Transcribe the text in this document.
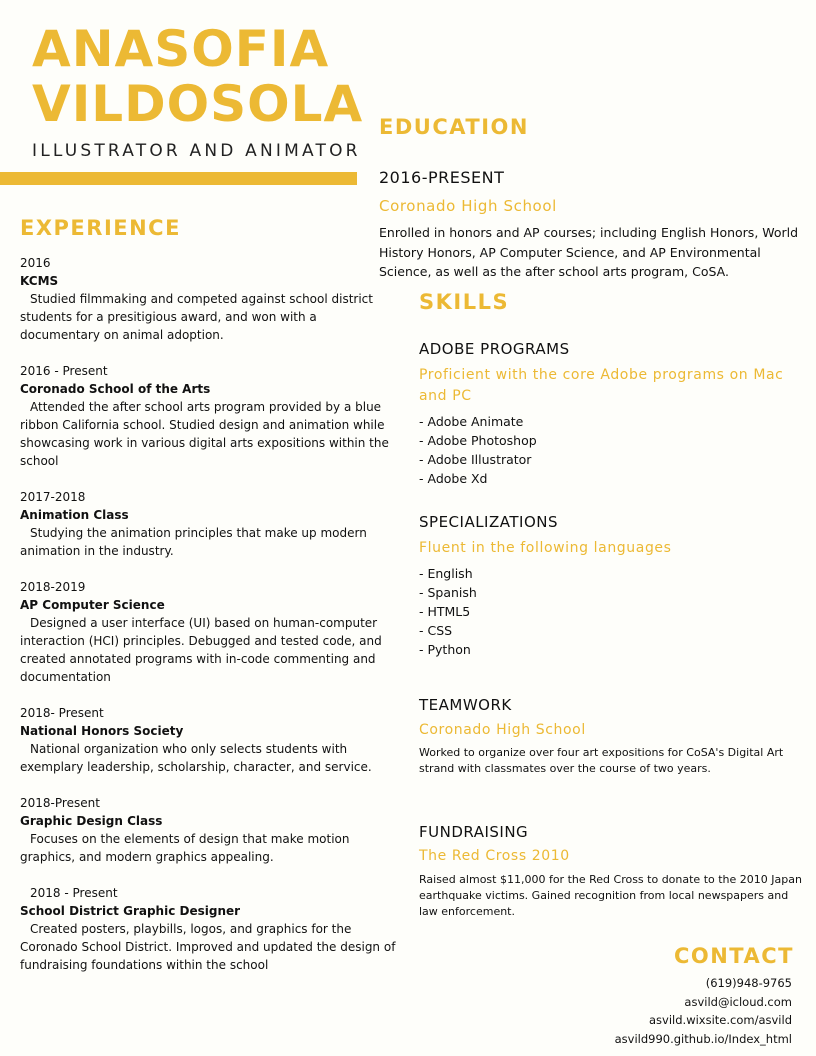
ANASOFIA
VILDOSOLA
ILLUSTRATOR AND ANIMATOR
EXPERIENCE
2016
KCMS
Studied filmmaking and competed against school district students for a presitigious award, and won with a documentary on animal adoption.
2016 - Present
Coronado School of the Arts
Attended the after school arts program provided by a blue ribbon California school. Studied design and animation while showcasing work in various digital arts expositions within the school
2017-2018
Animation Class
Studying the animation principles that make up modern animation in the industry.
2018-2019
AP Computer Science
Designed a user interface (UI) based on human-computer interaction (HCI) principles. Debugged and tested code, and created annotated programs with in-code commenting and documentation
2018- Present
National Honors Society
National organization who only selects students with exemplary leadership, scholarship, character, and service.
2018-Present
Graphic Design Class
Focuses on the elements of design that make motion graphics, and modern graphics appealing.
2018 - Present
School District Graphic Designer
Created posters, playbills, logos, and graphics for the Coronado School District. Improved and updated the design of fundraising foundations within the school
EDUCATION
2016-PRESENT
Coronado High School
Enrolled in honors and AP courses; including English Honors, World History Honors, AP Computer Science, and AP Environmental Science, as well as the after school arts program, CoSA.
SKILLS
ADOBE PROGRAMS
Proficient with the core Adobe programs on Mac and PC
- Adobe Animate
- Adobe Photoshop
- Adobe Illustrator
- Adobe Xd
SPECIALIZATIONS
Fluent in the following languages
- English
- Spanish
- HTML5
- CSS
- Python
TEAMWORK
Coronado High School
Worked to organize over four art expositions for CoSA's Digital Art strand with classmates over the course of two years.
FUNDRAISING
The Red Cross 2010
Raised almost $11,000 for the Red Cross to donate to the 2010 Japan earthquake victims. Gained recognition from local newspapers and law enforcement.
CONTACT
(619)948-9765
asvild@icloud.com
asvild.wixsite.com/asvild
asvild990.github.io/Index_html
